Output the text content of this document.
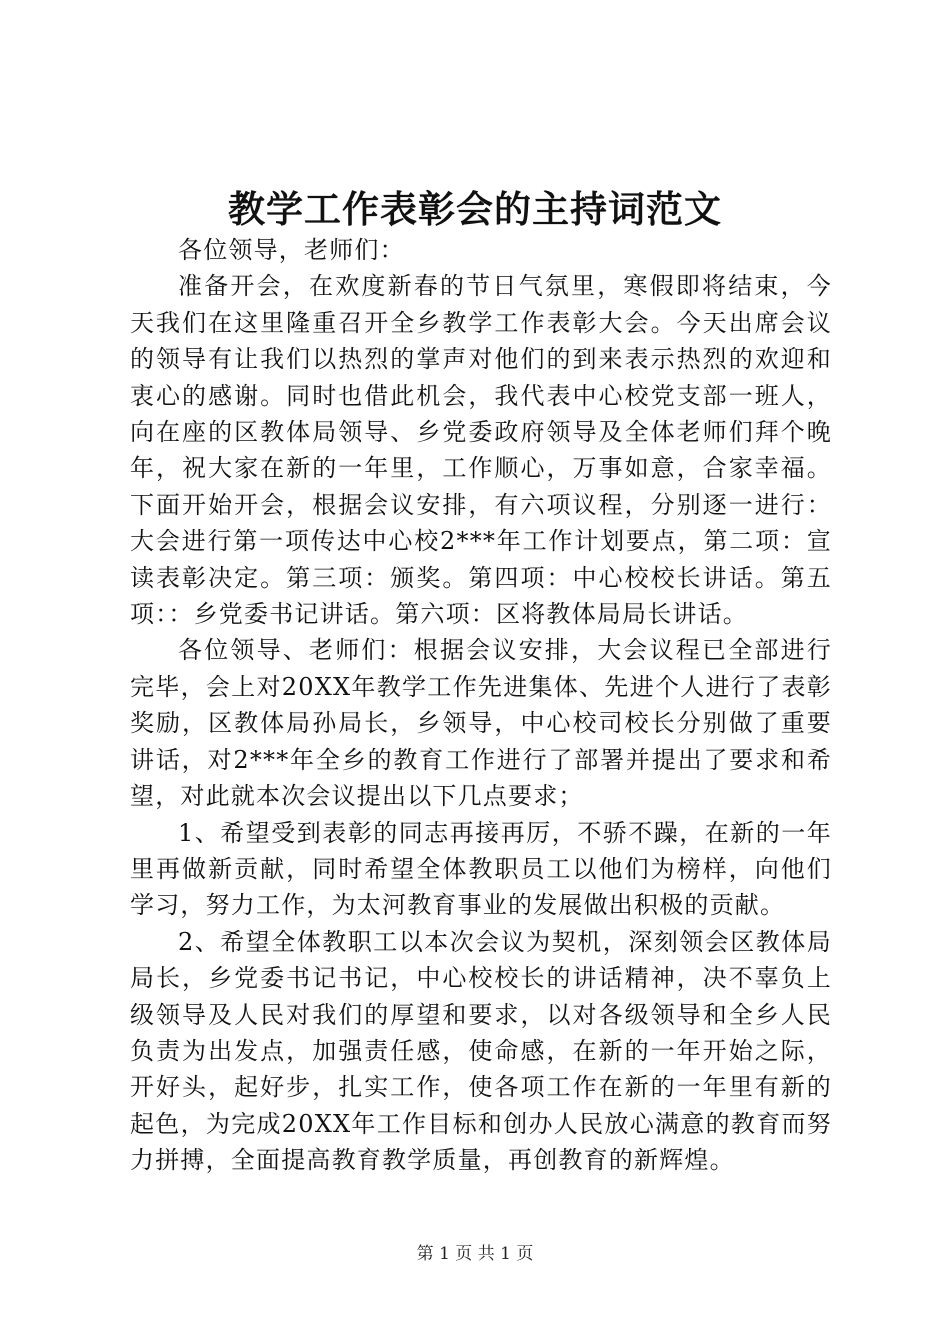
教学工作表彰会的主持词范文

各位领导，老师们：

准备开会，在欢度新春的节日气氛里，寒假即将结束，今天我们在这里隆重召开全乡教学工作表彰大会。今天出席会议的领导有让我们以热烈的掌声对他们的到来表示热烈的欢迎和衷心的感谢。同时也借此机会，我代表中心校党支部一班人，向在座的区教体局领导、乡党委政府领导及全体老师们拜个晚年，祝大家在新的一年里，工作顺心，万事如意，合家幸福。下面开始开会，根据会议安排，有六项议程，分别逐一进行：大会进行第一项传达中心校2***年工作计划要点，第二项：宣读表彰决定。第三项：颁奖。第四项：中心校校长讲话。第五项：：乡党委书记讲话。第六项：区将教体局局长讲话。

各位领导、老师们：根据会议安排，大会议程已全部进行完毕，会上对20XX年教学工作先进集体、先进个人进行了表彰奖励，区教体局孙局长，乡领导，中心校司校长分别做了重要讲话，对2***年全乡的教育工作进行了部署并提出了要求和希望，对此就本次会议提出以下几点要求；

1、希望受到表彰的同志再接再厉，不骄不躁，在新的一年里再做新贡献，同时希望全体教职员工以他们为榜样，向他们学习，努力工作，为太河教育事业的发展做出积极的贡献。

2、希望全体教职工以本次会议为契机，深刻领会区教体局局长，乡党委书记书记，中心校校长的讲话精神，决不辜负上级领导及人民对我们的厚望和要求，以对各级领导和全乡人民负责为出发点，加强责任感，使命感，在新的一年开始之际，开好头，起好步，扎实工作，使各项工作在新的一年里有新的起色，为完成20XX年工作目标和创办人民放心满意的教育而努力拼搏，全面提高教育教学质量，再创教育的新辉煌。

第 1 页 共 1 页
